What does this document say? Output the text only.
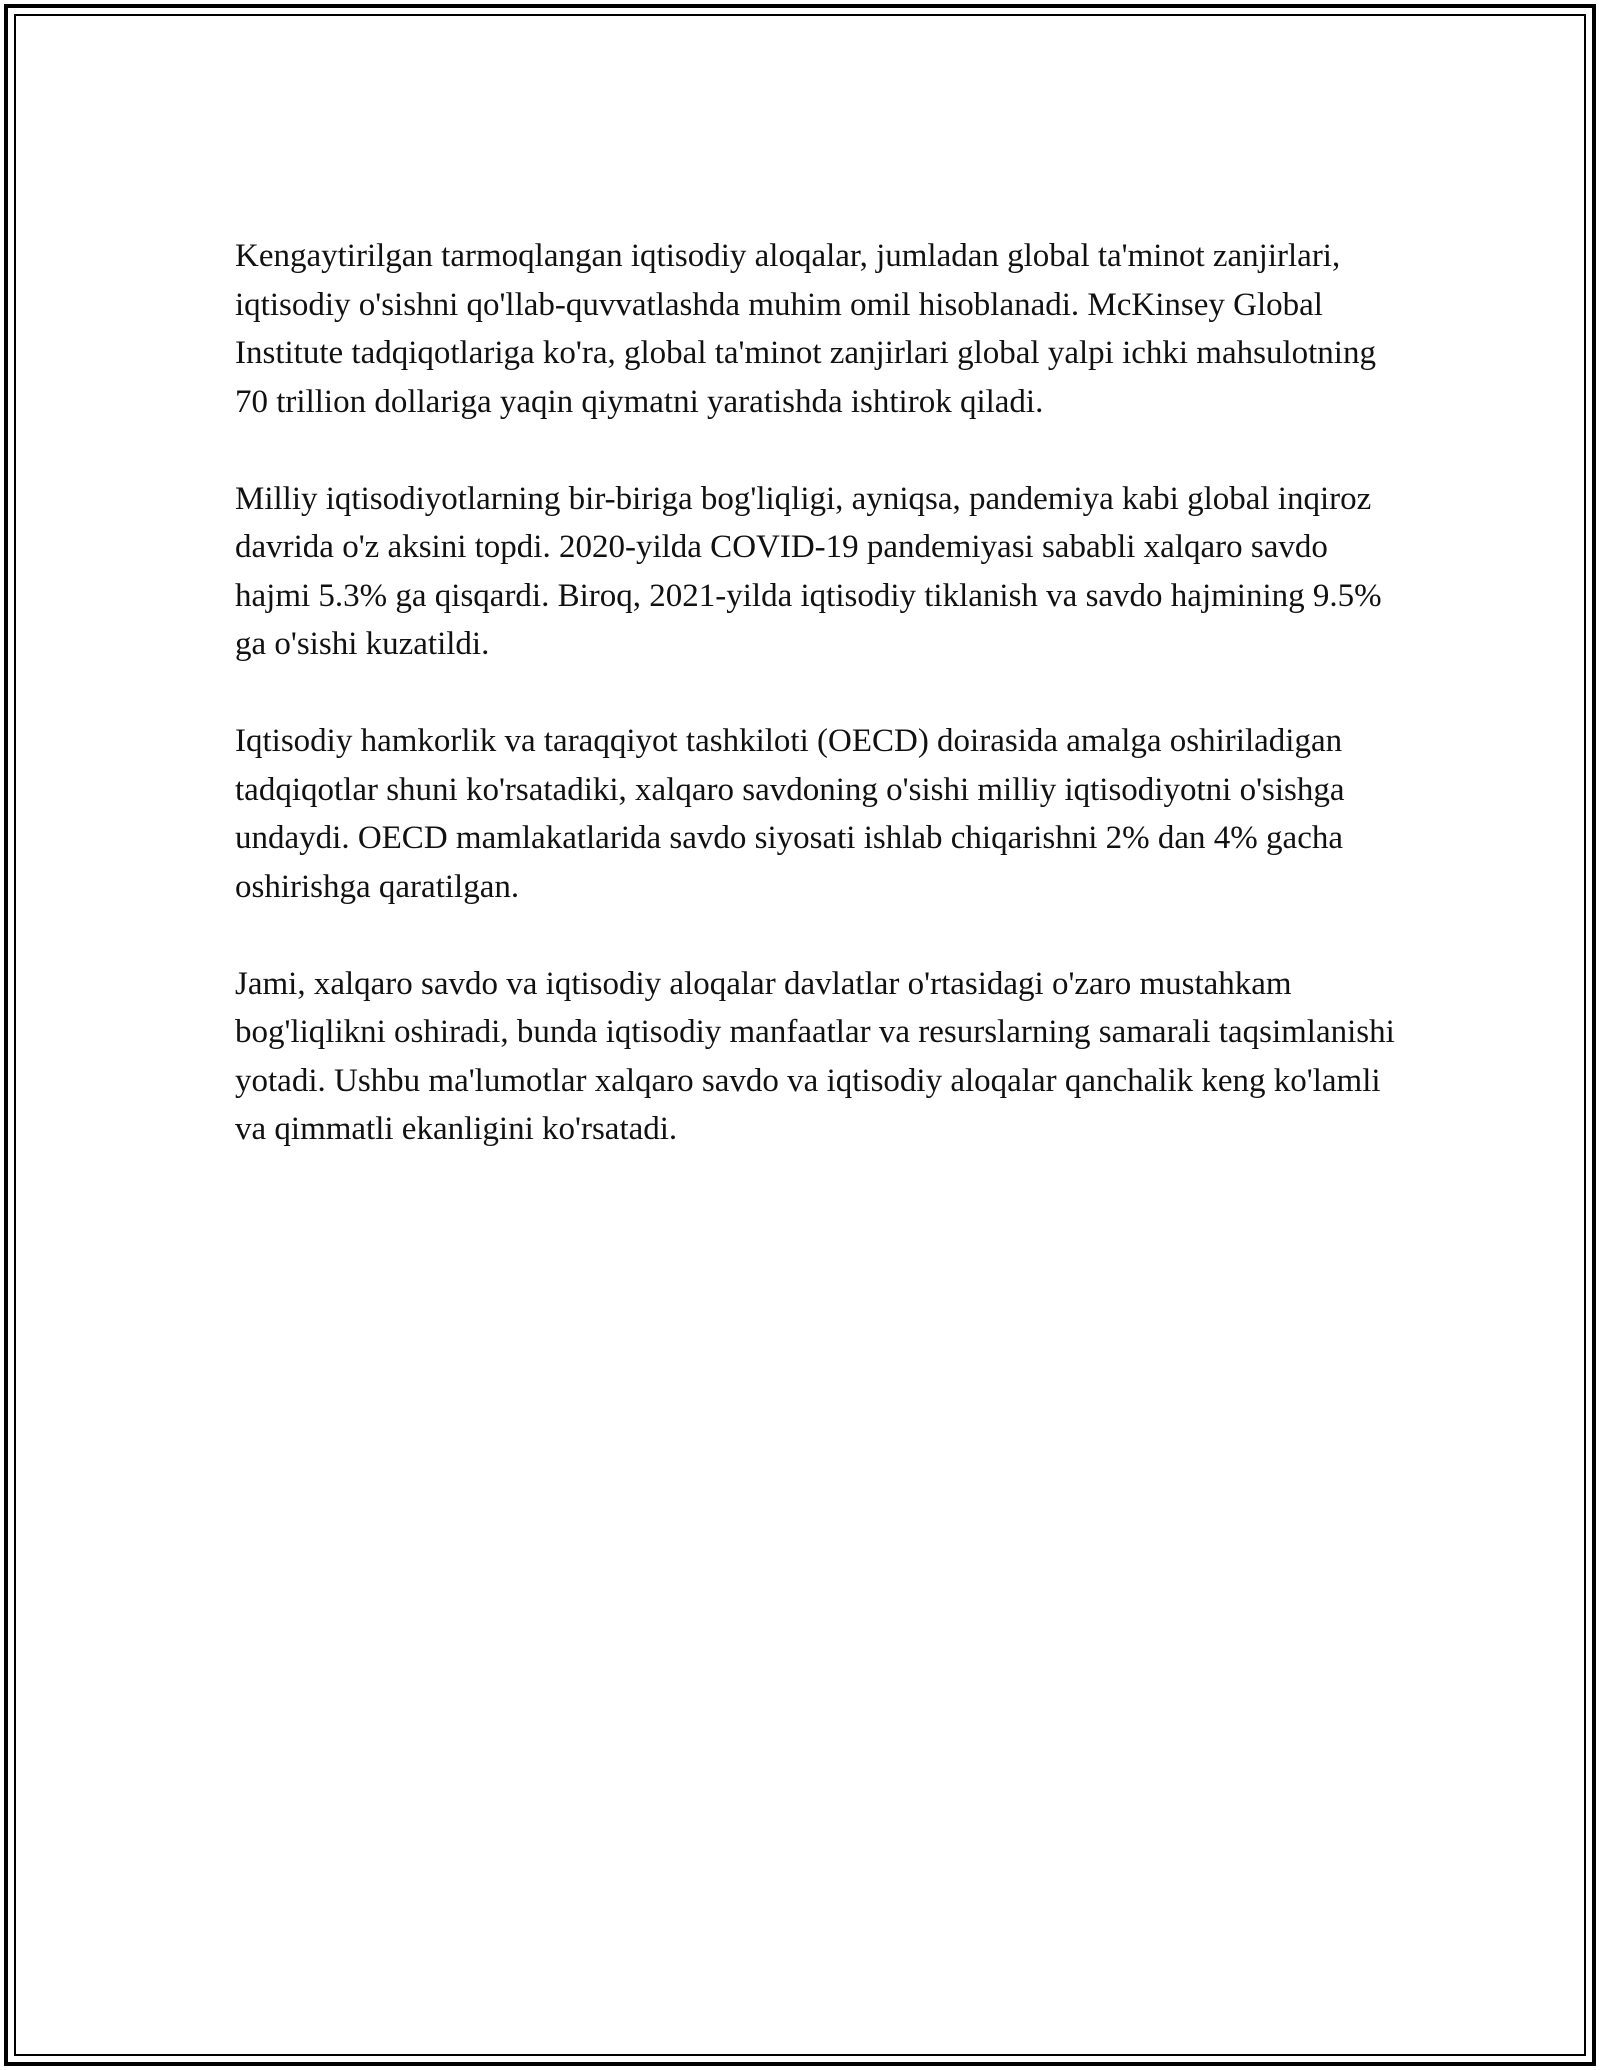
Kengaytirilgan tarmoqlangan iqtisodiy aloqalar, jumladan global ta'minot zanjirlari, iqtisodiy o'sishni qo'llab-quvvatlashda muhim omil hisoblanadi. McKinsey Global Institute tadqiqotlariga ko'ra, global ta'minot zanjirlari global yalpi ichki mahsulotning 70 trillion dollariga yaqin qiymatni yaratishda ishtirok qiladi.

Milliy iqtisodiyotlarning bir-biriga bog'liqligi, ayniqsa, pandemiya kabi global inqiroz davrida o'z aksini topdi. 2020-yilda COVID-19 pandemiyasi sababli xalqaro savdo hajmi 5.3% ga qisqardi. Biroq, 2021-yilda iqtisodiy tiklanish va savdo hajmining 9.5% ga o'sishi kuzatildi.

Iqtisodiy hamkorlik va taraqqiyot tashkiloti (OECD) doirasida amalga oshiriladigan tadqiqotlar shuni ko'rsatadiki, xalqaro savdoning o'sishi milliy iqtisodiyotni o'sishga undaydi. OECD mamlakatlarida savdo siyosati ishlab chiqarishni 2% dan 4% gacha oshirishga qaratilgan.

Jami, xalqaro savdo va iqtisodiy aloqalar davlatlar o'rtasidagi o'zaro mustahkam bog'liqlikni oshiradi, bunda iqtisodiy manfaatlar va resurslarning samarali taqsimlanishi yotadi. Ushbu ma'lumotlar xalqaro savdo va iqtisodiy aloqalar qanchalik keng ko'lamli va qimmatli ekanligini ko'rsatadi.
